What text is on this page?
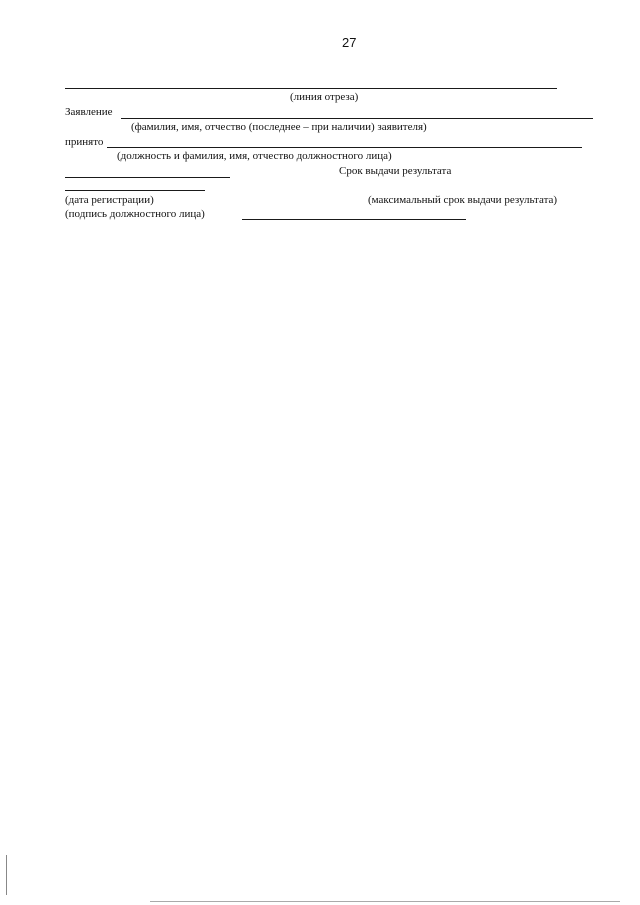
27
(линия отреза)
Заявление
(фамилия, имя, отчество (последнее – при наличии) заявителя)
принято
(должность и фамилия, имя, отчество должностного лица)
Срок выдачи результата
(дата регистрации)	(максимальный срок выдачи результата)
(подпись должностного лица)
